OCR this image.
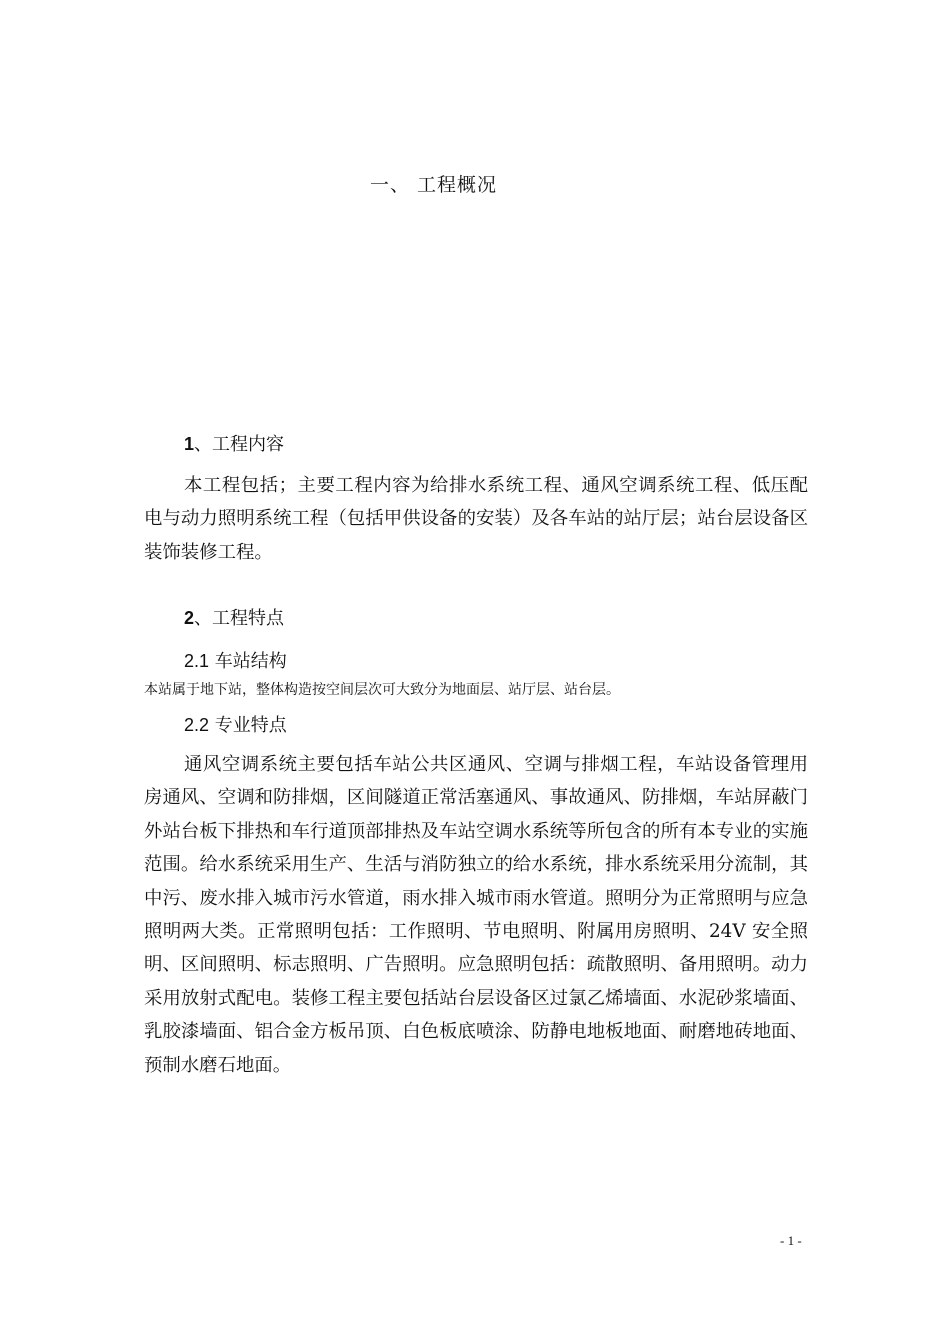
一、 工程概况
1、工程内容

本工程包括；主要工程内容为给排水系统工程、通风空调系统工程、低压配电与动力照明系统工程（包括甲供设备的安装）及各车站的站厅层；站台层设备区装饰装修工程。

2、工程特点
2.1 车站结构

本站属于地下站，整体构造按空间层次可大致分为地面层、站厅层、站台层。

2.2 专业特点

通风空调系统主要包括车站公共区通风、空调与排烟工程，车站设备管理用房通风、空调和防排烟，区间隧道正常活塞通风、事故通风、防排烟，车站屏蔽门外站台板下排热和车行道顶部排热及车站空调水系统等所包含的所有本专业的实施范围。给水系统采用生产、生活与消防独立的给水系统，排水系统采用分流制，其中污、废水排入城市污水管道，雨水排入城市雨水管道。照明分为正常照明与应急照明两大类。正常照明包括：工作照明、节电照明、附属用房照明、24V 安全照明、区间照明、标志照明、广告照明。应急照明包括：疏散照明、备用照明。动力采用放射式配电。装修工程主要包括站台层设备区过氯乙烯墙面、水泥砂浆墙面、乳胶漆墙面、铝合金方板吊顶、白色板底喷涂、防静电地板地面、耐磨地砖地面、预制水磨石地面。

- 1 -
